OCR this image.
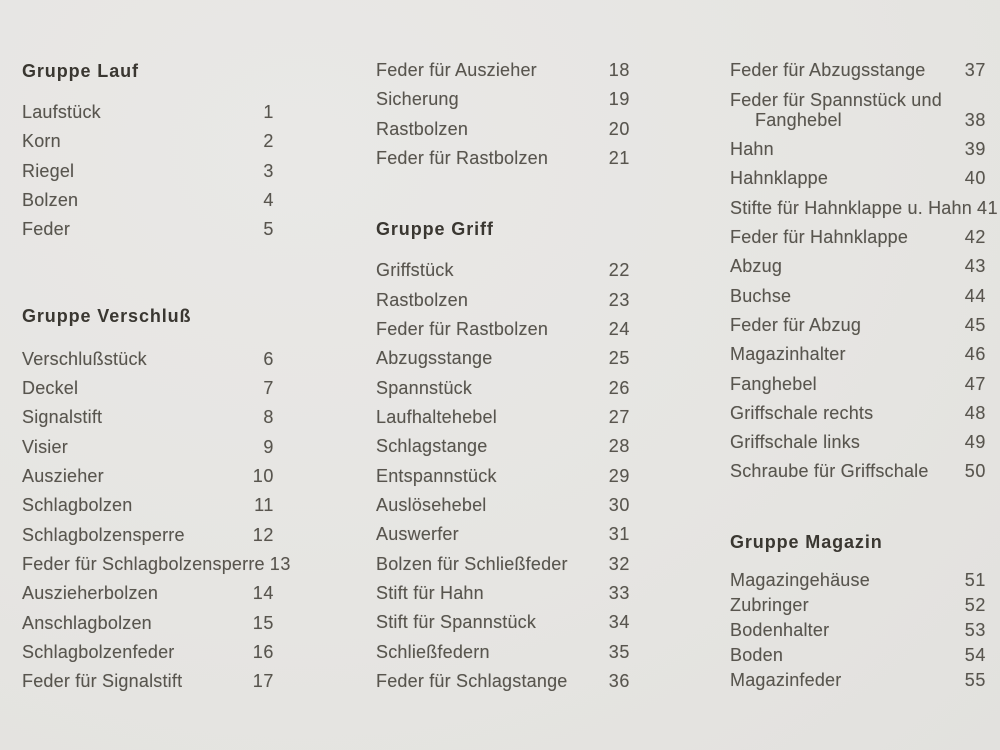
Gruppe Lauf
Laufstück	1
Korn	2
Riegel	3
Bolzen	4
Feder	5
Gruppe Verschluß
Verschlußstück	6
Deckel	7
Signalstift	8
Visier	9
Auszieher	10
Schlagbolzen	11
Schlagbolzensperre	12
Feder für Schlagbolzensperre 13
Auszieherbolzen	14
Anschlagbolzen	15
Schlagbolzenfeder	16
Feder für Signalstift	17
Feder für Auszieher	18
Sicherung	19
Rastbolzen	20
Feder für Rastbolzen	21
Gruppe Griff
Griffstück	22
Rastbolzen	23
Feder für Rastbolzen	24
Abzugsstange	25
Spannstück	26
Laufhaltehebel	27
Schlagstange	28
Entspannstück	29
Auslösehebel	30
Auswerfer	31
Bolzen für Schließfeder 32
Stift für Hahn	33
Stift für Spannstück	34
Schließfedern	35
Feder für Schlagstange 36
Feder für Abzugsstange 37
Feder für Spannstück und
Fanghebel	38
Hahn	39
Hahnklappe	40
Stifte für Hahnklappe u. Hahn 41
Feder für Hahnklappe	42
Abzug	43
Buchse	44
Feder für Abzug	45
Magazinhalter	46
Fanghebel	47
Griffschale rechts	48
Griffschale links	49
Schraube für Griffschale 50
Gruppe Magazin
Magazingehäuse	51
Zubringer	52
Bodenhalter	53
Boden	54
Magazinfeder	55
